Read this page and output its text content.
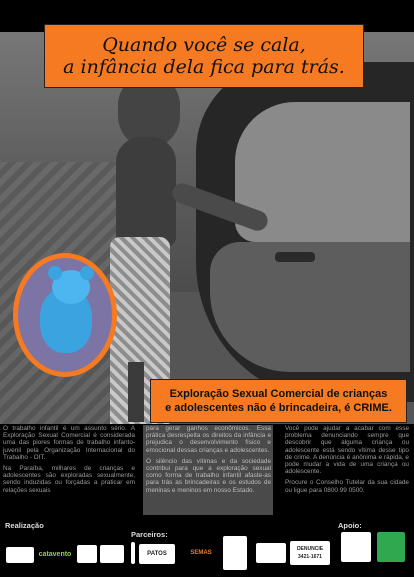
Quando você se cala,
a infância dela fica para trás.
Exploração Sexual Comercial de crianças
e adolescentes não é brincadeira, é CRIME.

O trabalho infantil é um assunto sério. A Exploração Sexual Comercial é considerada uma das piores formas de trabalho infanto-juvenil pela Organização Internacional do Trabalho - OIT.

Na Paraíba, milhares de crianças e adolescentes são exploradas sexualmente, sendo induzidas ou forçadas a praticar em relações sexuais

para gerar ganhos econômicos. Essa prática desrespeita os direitos da infância e prejudica o desenvolvimento físico e emocional dessas crianças e adolescentes.

O silêncio das vítimas e da sociedade contribui para que a exploração sexual como forma de trabalho infantil afaste-as para trás as brincadeiras e os estudos de meninas e meninos em nosso Estado.

Você pode ajudar a acabar com esse problema denunciando sempre que descobrir que alguma criança ou adolescente está sendo vítima desse tipo de crime. A denúncia é anônima e rápida, e pode mudar a vida de uma criança ou adolescente.

Procure o Conselho Tutelar da sua cidade ou ligue para 0800 99 0500.

Realização
Parceiros:
Apoio:
catavento	PATOS	SEMAS
DENUNCIE
3421-1671
